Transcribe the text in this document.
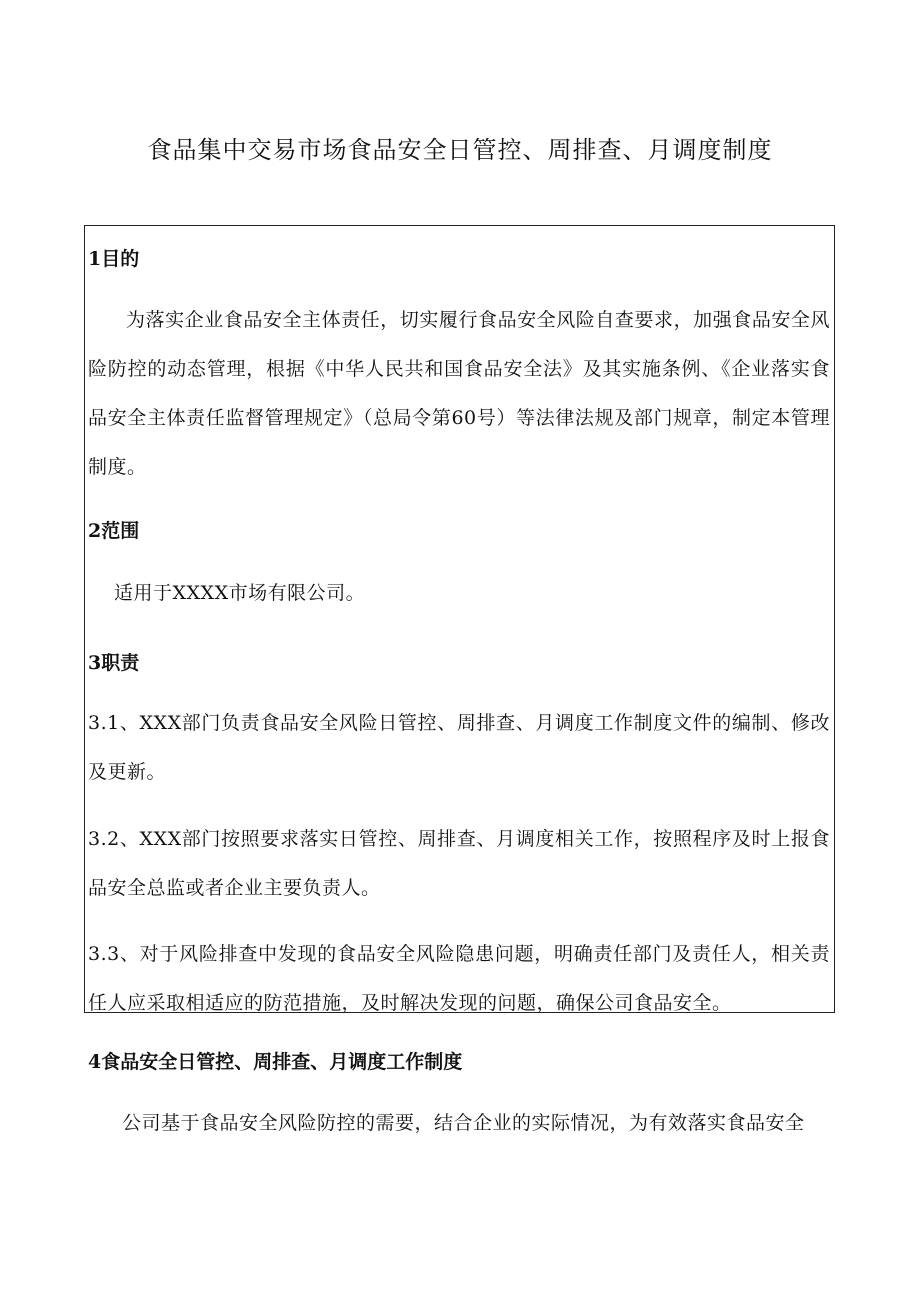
食品集中交易市场食品安全日管控、周排查、月调度制度
1目的

为落实企业食品安全主体责任，切实履行食品安全风险自查要求，加强食品安全风险防控的动态管理，根据《中华人民共和国食品安全法》及其实施条例、《企业落实食品安全主体责任监督管理规定》（总局令第60号）等法律法规及部门规章，制定本管理制度。

2范围

适用于XXXX市场有限公司。

3职责

3.1、XXX部门负责食品安全风险日管控、周排查、月调度工作制度文件的编制、修改及更新。

3.2、XXX部门按照要求落实日管控、周排查、月调度相关工作，按照程序及时上报食品安全总监或者企业主要负责人。

3.3、对于风险排查中发现的食品安全风险隐患问题，明确责任部门及责任人，相关责任人应采取相适应的防范措施，及时解决发现的问题，确保公司食品安全。

4食品安全日管控、周排查、月调度工作制度

公司基于食品安全风险防控的需要，结合企业的实际情况，为有效落实食品安全
